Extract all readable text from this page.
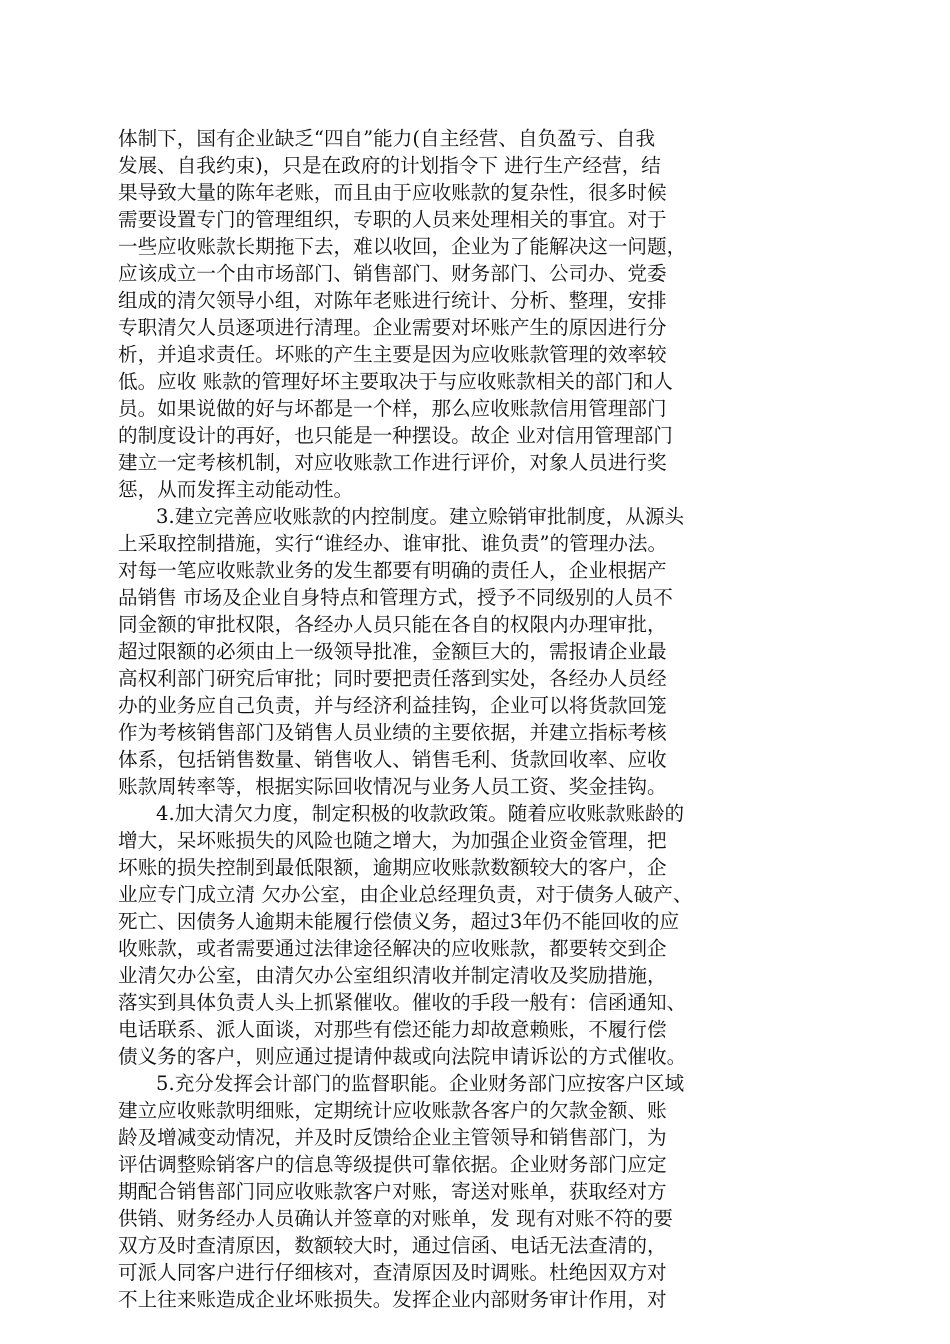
体制下，国有企业缺乏“四自”能力(自主经营、自负盈亏、自我
发展、自我约束)，只是在政府的计划指令下 进行生产经营，结
果导致大量的陈年老账，而且由于应收账款的复杂性，很多时候
需要设置专门的管理组织，专职的人员来处理相关的事宜。对于
一些应收账款长期拖下去，难以收回，企业为了能解决这一问题，
应该成立一个由市场部门、销售部门、财务部门、公司办、党委
组成的清欠领导小组，对陈年老账进行统计、分析、整理，安排
专职清欠人员逐项进行清理。企业需要对坏账产生的原因进行分
析，并追求责任。坏账的产生主要是因为应收账款管理的效率较
低。应收 账款的管理好坏主要取决于与应收账款相关的部门和人
员。如果说做的好与坏都是一个样，那么应收账款信用管理部门
的制度设计的再好，也只能是一种摆设。故企 业对信用管理部门
建立一定考核机制，对应收账款工作进行评价，对象人员进行奖
惩，从而发挥主动能动性。
3.建立完善应收账款的内控制度。建立赊销审批制度，从源头
上采取控制措施，实行“谁经办、谁审批、谁负责”的管理办法。
对每一笔应收账款业务的发生都要有明确的责任人，企业根据产
品销售 市场及企业自身特点和管理方式，授予不同级别的人员不
同金额的审批权限，各经办人员只能在各自的权限内办理审批，
超过限额的必须由上一级领导批准，金额巨大的，需报请企业最
高权利部门研究后审批；同时要把责任落到实处，各经办人员经
办的业务应自己负责，并与经济利益挂钩，企业可以将货款回笼
作为考核销售部门及销售人员业绩的主要依据，并建立指标考核
体系，包括销售数量、销售收人、销售毛利、货款回收率、应收
账款周转率等，根据实际回收情况与业务人员工资、奖金挂钩。
4.加大清欠力度，制定积极的收款政策。随着应收账款账龄的
增大，呆坏账损失的风险也随之增大，为加强企业资金管理，把
坏账的损失控制到最低限额，逾期应收账款数额较大的客户，企
业应专门成立清 欠办公室，由企业总经理负责，对于债务人破产、
死亡、因债务人逾期未能履行偿债义务，超过3年仍不能回收的应
收账款，或者需要通过法律途径解决的应收账款，都要转交到企
业清欠办公室，由清欠办公室组织清收并制定清收及奖励措施，
落实到具体负责人头上抓紧催收。催收的手段一般有：信函通知、
电话联系、派人面谈，对那些有偿还能力却故意赖账，不履行偿
债义务的客户，则应通过提请仲裁或向法院申请诉讼的方式催收。
5.充分发挥会计部门的监督职能。企业财务部门应按客户区域
建立应收账款明细账，定期统计应收账款各客户的欠款金额、账
龄及增减变动情况，并及时反馈给企业主管领导和销售部门，为
评估调整赊销客户的信息等级提供可靠依据。企业财务部门应定
期配合销售部门同应收账款客户对账，寄送对账单，获取经对方
供销、财务经办人员确认并签章的对账单，发 现有对账不符的要
双方及时查清原因，数额较大时，通过信函、电话无法查清的，
可派人同客户进行仔细核对，查清原因及时调账。杜绝因双方对
不上往来账造成企业坏账损失。发挥企业内部财务审计作用，对
